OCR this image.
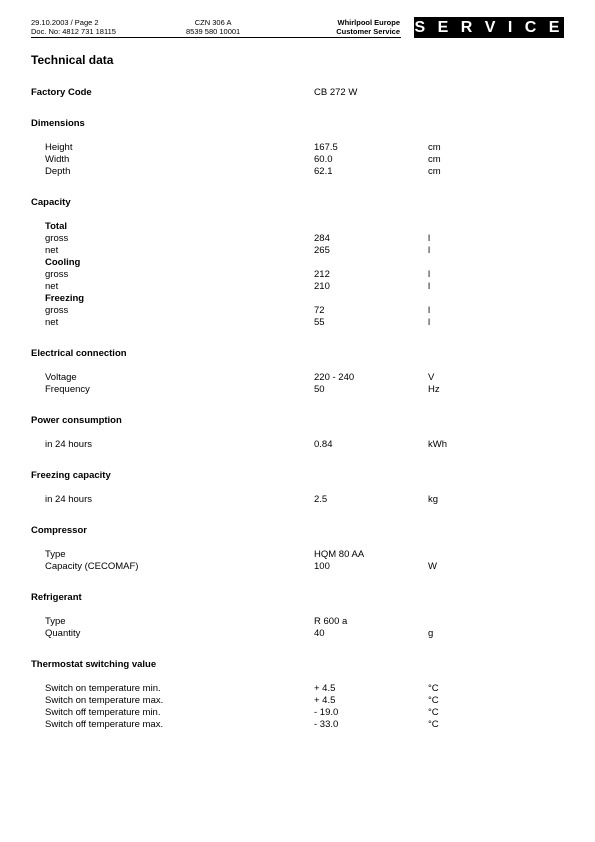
29.10.2003 / Page 2
Doc. No: 4812 731 18115
CZN 306 A
8539 580 10001
Whirlpool Europe
Customer Service S E R V I C E
Technical data
Factory Code	CB 272 W
Dimensions
Height	167.5	cm
Width	60.0	cm
Depth	62.1	cm
Capacity
Total
gross	284	l
net	265	l
Cooling
gross	212	l
net	210	l
Freezing
gross	72	l
net	55	l
Electrical connection
Voltage	220 - 240	V
Frequency	50	Hz
Power consumption
in 24 hours	0.84	kWh
Freezing capacity
in 24 hours	2.5	kg
Compressor
Type	HQM 80 AA
Capacity (CECOMAF)	100	W
Refrigerant
Type	R 600 a
Quantity	40	g
Thermostat switching value
Switch on temperature min.	+ 4.5	°C
Switch on temperature max.	+ 4.5	°C
Switch off temperature min.	- 19.0	°C
Switch off temperature max.	- 33.0	°C
